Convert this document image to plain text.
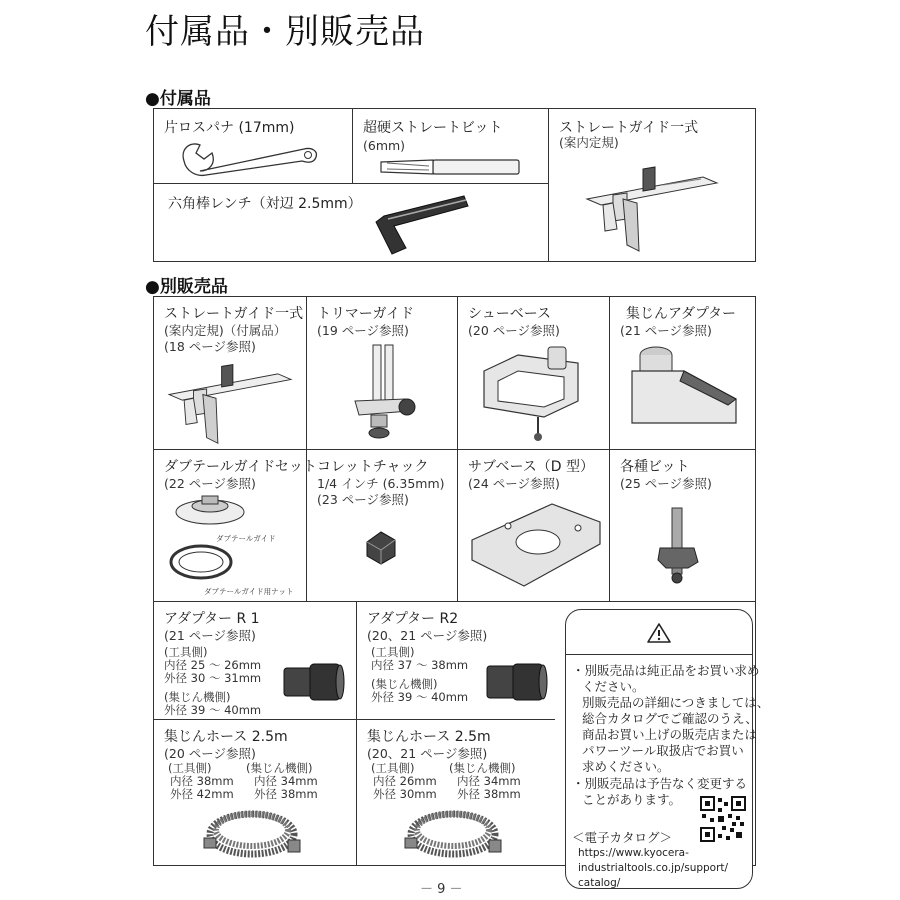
付属品・別販売品
●付属品
片ロスパナ (17mm)	超硬ストレートビット
(6mm)
六角棒レンチ（対辺 2.5mm）
ストレートガイド一式
(案内定規)
●別販売品
ストレートガイド一式
(案内定規)（付属品）
(18 ページ参照)
トリマーガイド
(19 ページ参照)
シューベース
(20 ページ参照)
集じんアダプター
(21 ページ参照)
ダブテールガイドセット
(22 ページ参照)
ダブテールガイド
ダブテールガイド用ナット
コレットチャック
1/4 インチ (6.35mm)
(23 ページ参照)
サブベース（D 型）
(24 ページ参照)
各種ビット
(25 ページ参照)
アダプター R 1
(21 ページ参照)
(工具側)
内径 25 ～ 26mm
外径 30 ～ 31mm
(集じん機側)
外径 39 ～ 40mm
アダプター R2
(20、21 ページ参照)
(工具側)
内径 37 ～ 38mm
(集じん機側)
外径 39 ～ 40mm
集じんホース 2.5m
(20 ページ参照)
(工具側)
内径 38mm
外径 42mm
(集じん機側)
内径 34mm
外径 38mm
集じんホース 2.5m
(20、21 ページ参照)
(工具側)
内径 26mm
外径 30mm
(集じん機側)
内径 34mm
外径 38mm
・別販売品は純正品をお買い求め
ください。
別販売品の詳細につきましては、
総合カタログでご確認のうえ、
商品お買い上げの販売店または
パワーツール取扱店でお買い
求めください。
・別販売品は予告なく変更する
ことがあります。
＜電子カタログ＞
https://www.kyocera-
industrialtools.co.jp/support/
catalog/
－ 9 －
